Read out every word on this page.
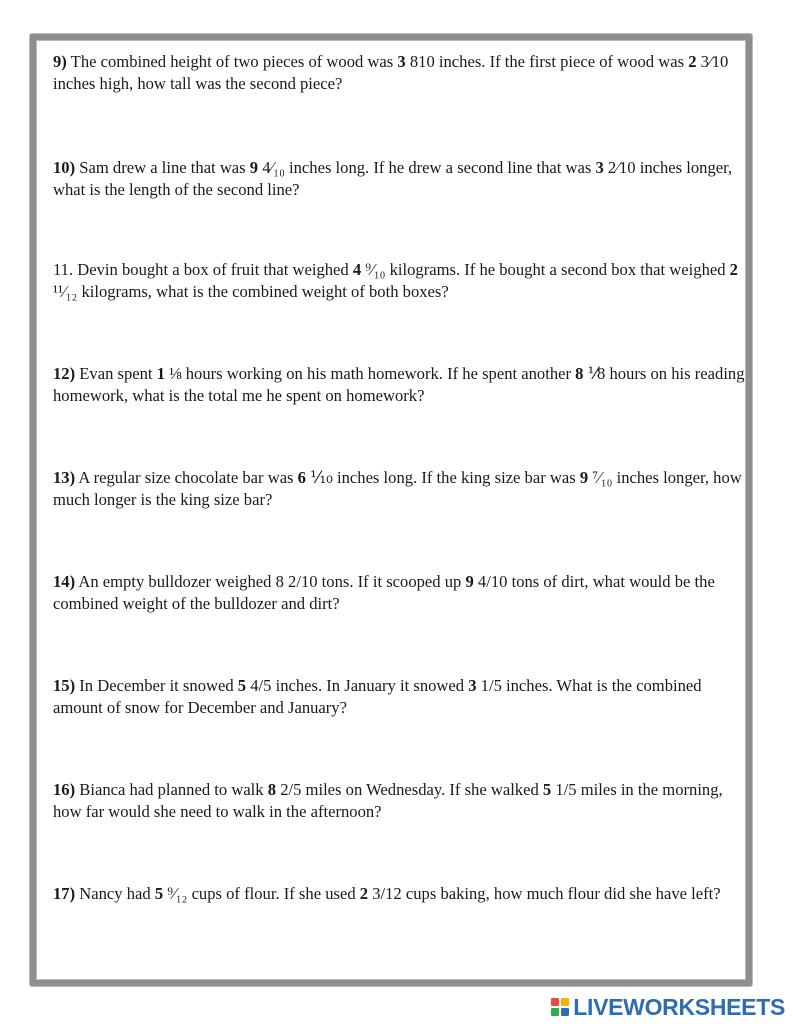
9) The combined height of two pieces of wood was 3 810 inches. If the first piece of wood was 2 3⁄10 inches high, how tall was the second piece?
10) Sam drew a line that was 9 4⁄₁₀ inches long. If he drew a second line that was 3 2⁄10 inches longer, what is the length of the second line?
11. Devin bought a box of fruit that weighed 4 ⁹⁄₁₀ kilograms. If he bought a second box that weighed 2 ¹¹⁄₁₂ kilograms, what is the combined weight of both boxes?
12) Evan spent 1 ⅛ hours working on his math homework. If he spent another 8 ⅟8 hours on his reading homework, what is the total me he spent on homework?
13) A regular size chocolate bar was 6 ⅒ inches long. If the king size bar was 9 ⁷⁄₁₀ inches longer, how much longer is the king size bar?
14) An empty bulldozer weighed 8 2/10 tons. If it scooped up 9 4/10 tons of dirt, what would be the combined weight of the bulldozer and dirt?
15) In December it snowed 5 4/5 inches. In January it snowed 3 1/5 inches. What is the combined amount of snow for December and January?
16) Bianca had planned to walk 8 2/5 miles on Wednesday. If she walked 5 1/5 miles in the morning, how far would she need to walk in the afternoon?
17) Nancy had 5 ⁹⁄₁₂ cups of flour. If she used 2 3/12 cups baking, how much flour did she have left?
LIVEWORKSHEETS
